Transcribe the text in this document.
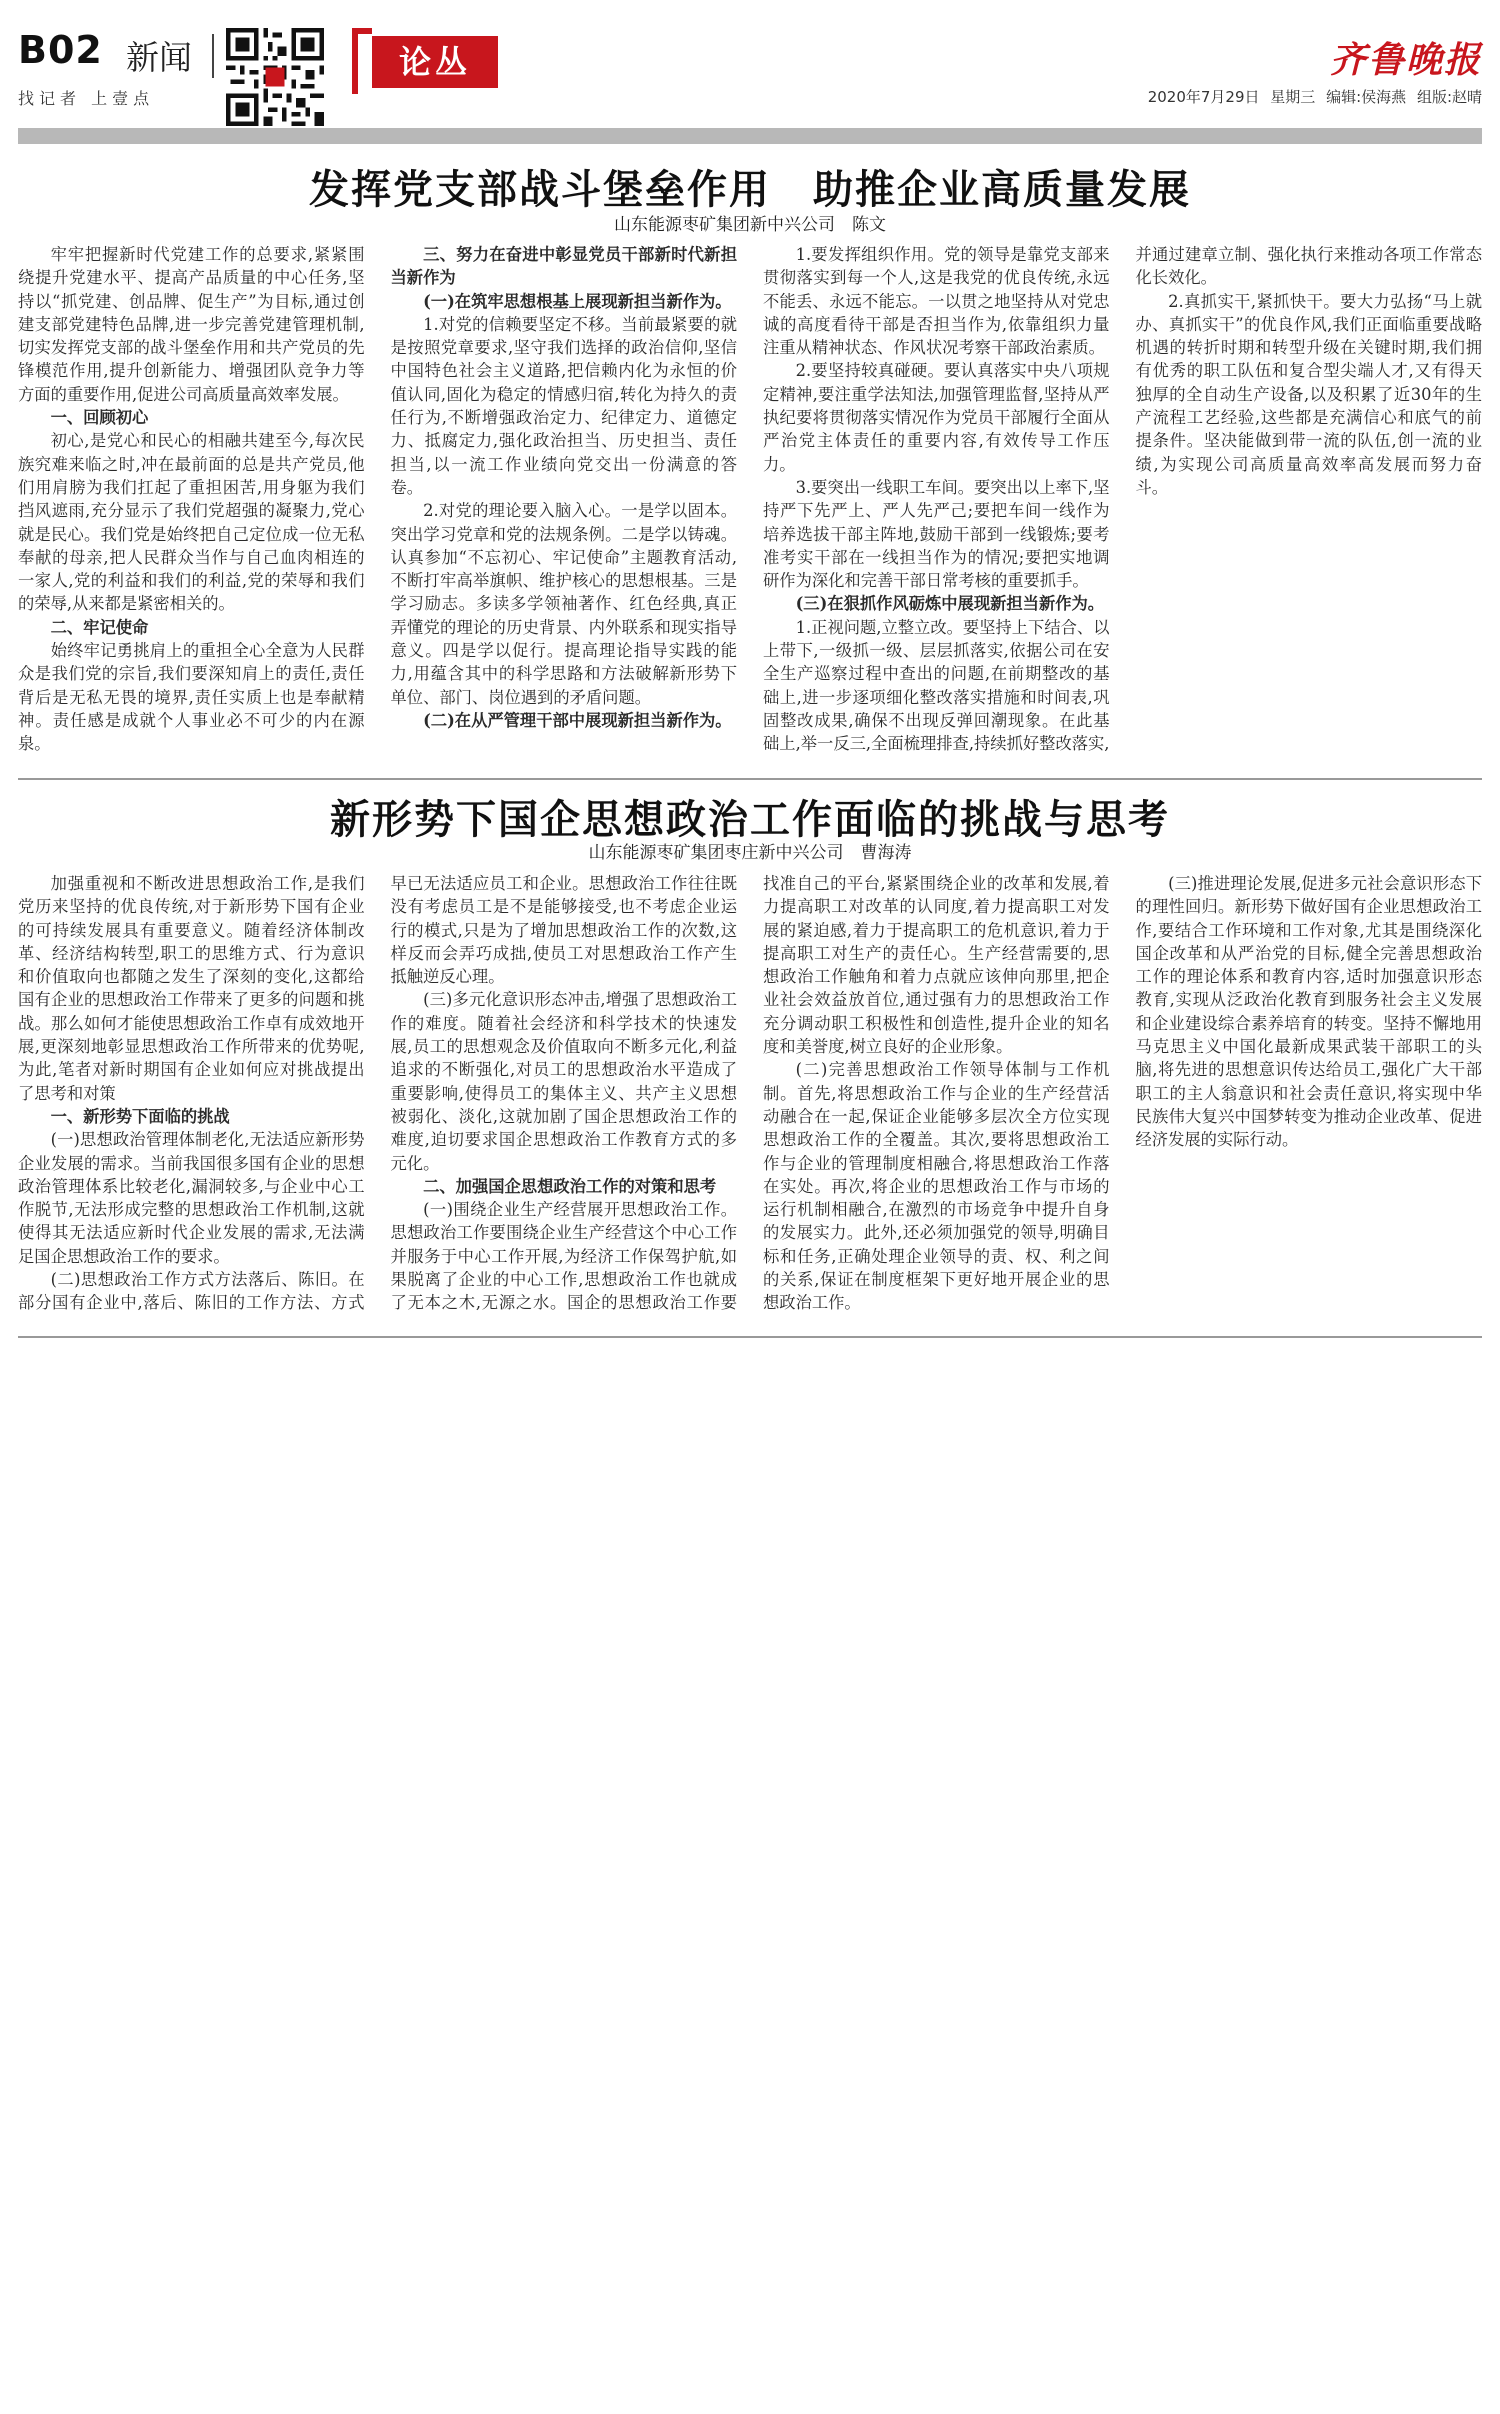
B02 新闻	论丛
找记者 上壹点
齐鲁晚报
2020年7月29日 星期三 编辑:侯海燕 组版:赵晴
发挥党支部战斗堡垒作用　助推企业高质量发展
山东能源枣矿集团新中兴公司　陈文

牢牢把握新时代党建工作的总要求,紧紧围绕提升党建水平、提高产品质量的中心任务,坚持以“抓党建、创品牌、促生产”为目标,通过创建支部党建特色品牌,进一步完善党建管理机制,切实发挥党支部的战斗堡垒作用和共产党员的先锋模范作用,提升创新能力、增强团队竞争力等方面的重要作用,促进公司高质量高效率发展。

一、回顾初心

初心,是党心和民心的相融共建至今,每次民族究难来临之时,冲在最前面的总是共产党员,他们用肩膀为我们扛起了重担困苦,用身躯为我们挡风遮雨,充分显示了我们党超强的凝聚力,党心就是民心。我们党是始终把自己定位成一位无私奉献的母亲,把人民群众当作与自己血肉相连的一家人,党的利益和我们的利益,党的荣辱和我们的荣辱,从来都是紧密相关的。

二、牢记使命

始终牢记勇挑肩上的重担全心全意为人民群众是我们党的宗旨,我们要深知肩上的责任,责任背后是无私无畏的境界,责任实质上也是奉献精神。责任感是成就个人事业必不可少的内在源泉。

三、努力在奋进中彰显党员干部新时代新担当新作为
(一)在筑牢思想根基上展现新担当新作为。

1.对党的信赖要坚定不移。当前最紧要的就是按照党章要求,坚守我们选择的政治信仰,坚信中国特色社会主义道路,把信赖内化为永恒的价值认同,固化为稳定的情感归宿,转化为持久的责任行为,不断增强政治定力、纪律定力、道德定力、抵腐定力,强化政治担当、历史担当、责任担当,以一流工作业绩向党交出一份满意的答卷。

2.对党的理论要入脑入心。一是学以固本。突出学习党章和党的法规条例。二是学以铸魂。认真参加“不忘初心、牢记使命”主题教育活动,不断打牢高举旗帜、维护核心的思想根基。三是学习励志。多读多学领袖著作、红色经典,真正弄懂党的理论的历史背景、内外联系和现实指导意义。四是学以促行。提高理论指导实践的能力,用蕴含其中的科学思路和方法破解新形势下单位、部门、岗位遇到的矛盾问题。

(二)在从严管理干部中展现新担当新作为。

1.要发挥组织作用。党的领导是靠党支部来贯彻落实到每一个人,这是我党的优良传统,永远不能丢、永远不能忘。一以贯之地坚持从对党忠诚的高度看待干部是否担当作为,依靠组织力量注重从精神状态、作风状况考察干部政治素质。

2.要坚持较真碰硬。要认真落实中央八项规定精神,要注重学法知法,加强管理监督,坚持从严执纪要将贯彻落实情况作为党员干部履行全面从严治党主体责任的重要内容,有效传导工作压力。

3.要突出一线职工车间。要突出以上率下,坚持严下先严上、严人先严己;要把车间一线作为培养选拔干部主阵地,鼓励干部到一线锻炼;要考准考实干部在一线担当作为的情况;要把实地调研作为深化和完善干部日常考核的重要抓手。

(三)在狠抓作风砺炼中展现新担当新作为。

1.正视问题,立整立改。要坚持上下结合、以上带下,一级抓一级、层层抓落实,依据公司在安全生产巡察过程中查出的问题,在前期整改的基础上,进一步逐项细化整改落实措施和时间表,巩固整改成果,确保不出现反弹回潮现象。在此基础上,举一反三,全面梳理排查,持续抓好整改落实,并通过建章立制、强化执行来推动各项工作常态化长效化。

2.真抓实干,紧抓快干。要大力弘扬“马上就办、真抓实干”的优良作风,我们正面临重要战略机遇的转折时期和转型升级在关键时期,我们拥有优秀的职工队伍和复合型尖端人才,又有得天独厚的全自动生产设备,以及积累了近30年的生产流程工艺经验,这些都是充满信心和底气的前提条件。坚决能做到带一流的队伍,创一流的业绩,为实现公司高质量高效率高发展而努力奋斗。

新形势下国企思想政治工作面临的挑战与思考
山东能源枣矿集团枣庄新中兴公司　曹海涛

加强重视和不断改进思想政治工作,是我们党历来坚持的优良传统,对于新形势下国有企业的可持续发展具有重要意义。随着经济体制改革、经济结构转型,职工的思维方式、行为意识和价值取向也都随之发生了深刻的变化,这都给国有企业的思想政治工作带来了更多的问题和挑战。那么如何才能使思想政治工作卓有成效地开展,更深刻地彰显思想政治工作所带来的优势呢,为此,笔者对新时期国有企业如何应对挑战提出了思考和对策

一、新形势下面临的挑战

(一)思想政治管理体制老化,无法适应新形势企业发展的需求。当前我国很多国有企业的思想政治管理体系比较老化,漏洞较多,与企业中心工作脱节,无法形成完整的思想政治工作机制,这就使得其无法适应新时代企业发展的需求,无法满足国企思想政治工作的要求。

(二)思想政治工作方式方法落后、陈旧。在部分国有企业中,落后、陈旧的工作方法、方式早已无法适应员工和企业。思想政治工作往往既没有考虑员工是不是能够接受,也不考虑企业运行的模式,只是为了增加思想政治工作的次数,这样反而会弄巧成拙,使员工对思想政治工作产生抵触逆反心理。

(三)多元化意识形态冲击,增强了思想政治工作的难度。随着社会经济和科学技术的快速发展,员工的思想观念及价值取向不断多元化,利益追求的不断强化,对员工的思想政治水平造成了重要影响,使得员工的集体主义、共产主义思想被弱化、淡化,这就加剧了国企思想政治工作的难度,迫切要求国企思想政治工作教育方式的多元化。

二、加强国企思想政治工作的对策和思考

(一)围绕企业生产经营展开思想政治工作。思想政治工作要围绕企业生产经营这个中心工作并服务于中心工作开展,为经济工作保驾护航,如果脱离了企业的中心工作,思想政治工作也就成了无本之木,无源之水。国企的思想政治工作要找准自己的平台,紧紧围绕企业的改革和发展,着力提高职工对改革的认同度,着力提高职工对发展的紧迫感,着力于提高职工的危机意识,着力于提高职工对生产的责任心。生产经营需要的,思想政治工作触角和着力点就应该伸向那里,把企业社会效益放首位,通过强有力的思想政治工作充分调动职工积极性和创造性,提升企业的知名度和美誉度,树立良好的企业形象。

(二)完善思想政治工作领导体制与工作机制。首先,将思想政治工作与企业的生产经营活动融合在一起,保证企业能够多层次全方位实现思想政治工作的全覆盖。其次,要将思想政治工作与企业的管理制度相融合,将思想政治工作落在实处。再次,将企业的思想政治工作与市场的运行机制相融合,在激烈的市场竞争中提升自身的发展实力。此外,还必须加强党的领导,明确目标和任务,正确处理企业领导的责、权、利之间的关系,保证在制度框架下更好地开展企业的思想政治工作。

(三)推进理论发展,促进多元社会意识形态下的理性回归。新形势下做好国有企业思想政治工作,要结合工作环境和工作对象,尤其是围绕深化国企改革和从严治党的目标,健全完善思想政治工作的理论体系和教育内容,适时加强意识形态教育,实现从泛政治化教育到服务社会主义发展和企业建设综合素养培育的转变。坚持不懈地用马克思主义中国化最新成果武装干部职工的头脑,将先进的思想意识传达给员工,强化广大干部职工的主人翁意识和社会责任意识,将实现中华民族伟大复兴中国梦转变为推动企业改革、促进经济发展的实际行动。
